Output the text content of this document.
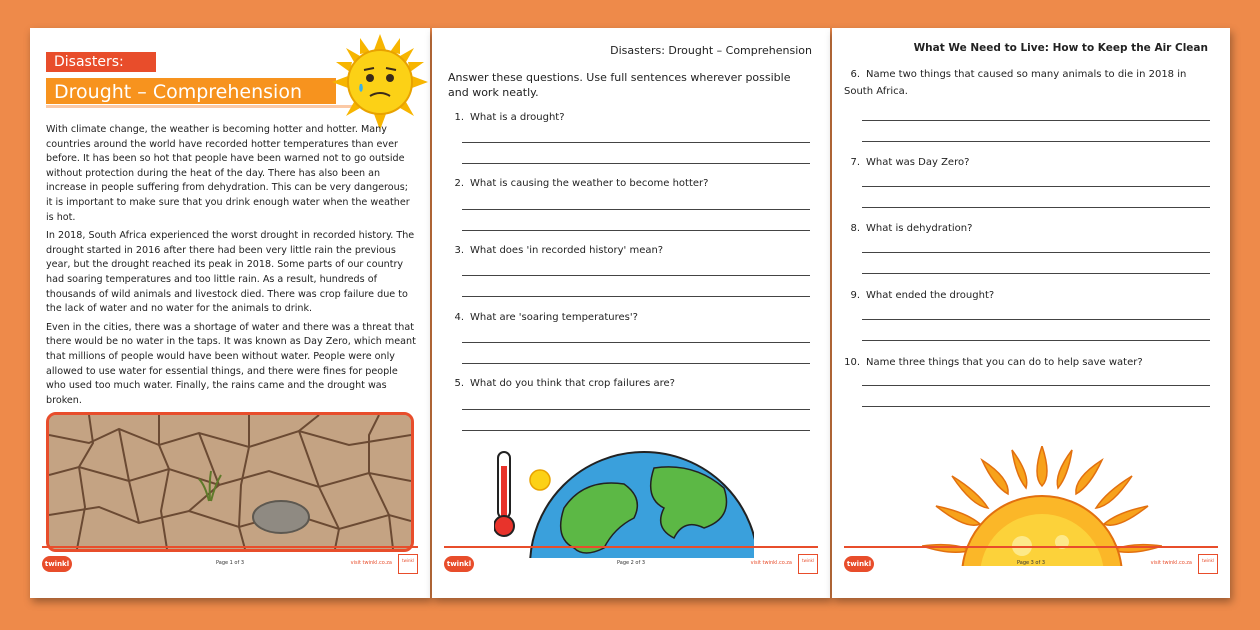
Disasters:
Drought – Comprehension

With climate change, the weather is becoming hotter and hotter. Many countries around the world have recorded hotter temperatures than ever before. It has been so hot that people have been warned not to go outside without protection during the heat of the day. There has also been an increase in people suffering from dehydration. This can be very dangerous; it is important to make sure that you drink enough water when the weather is hot.

In 2018, South Africa experienced the worst drought in recorded history. The drought started in 2016 after there had been very little rain the previous year, but the drought reached its peak in 2018. Some parts of our country had soaring temperatures and too little rain. As a result, hundreds of thousands of wild animals and livestock died. There was crop failure due to the lack of water and no water for the animals to drink.

Even in the cities, there was a shortage of water and there was a threat that there would be no water in the taps. It was known as Day Zero, which meant that millions of people would have been without water. People were only allowed to use water for essential things, and there were fines for people who used too much water. Finally, the rains came and the drought was broken.

twinkl	Page 1 of 3	visit twinkl.co.za	twinkl
Disasters: Drought – Comprehension
Answer these questions. Use full sentences wherever possible and work neatly.
1. What is a drought?
2. What is causing the weather to become hotter?
3. What does 'in recorded history' mean?
4. What are 'soaring temperatures'?
5. What do you think that crop failures are?
twinkl	Page 2 of 3	visit twinkl.co.za	twinkl
What We Need to Live: How to Keep the Air Clean
6. Name two things that caused so many animals to die in 2018 in South Africa.
7. What was Day Zero?
8. What is dehydration?
9. What ended the drought?
10. Name three things that you can do to help save water?
twinkl	Page 3 of 3	visit twinkl.co.za	twinkl
